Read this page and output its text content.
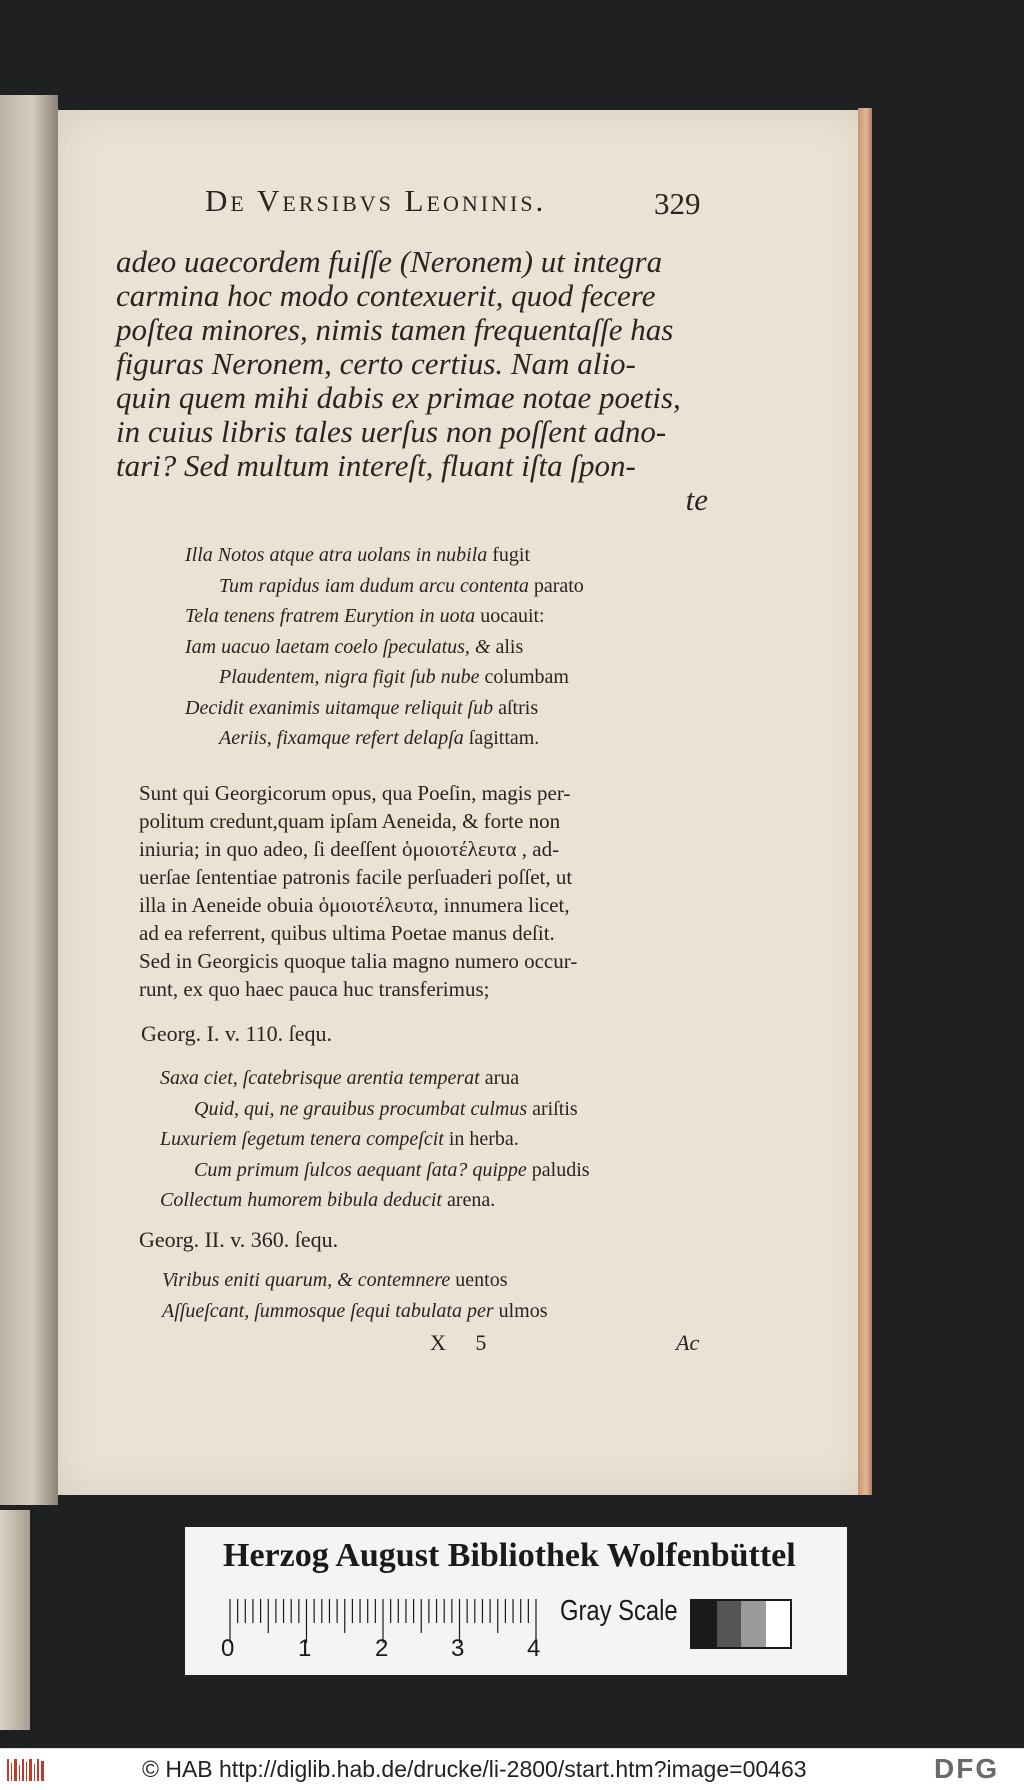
De Versibvs Leoninis.	329
adeo uaecordem fuiſſe (Neronem) ut integra
carmina hoc modo contexuerit, quod fecere
poſtea minores, nimis tamen frequentaſſe has
figuras Neronem, certo certius. Nam alio-
quin quem mihi dabis ex primae notae poetis,
in cuius libris tales uerſus non poſſent adno-
tari? Sed multum intereſt, fluant iſta ſpon-
te
Illa Notos atque atra uolans in nubila fugit
Tum rapidus iam dudum arcu contenta parato
Tela tenens fratrem Eurytion in uota uocauit:
Iam uacuo laetam coelo ſpeculatus, & alis
Plaudentem, nigra figit ſub nube columbam
Decidit exanimis uitamque reliquit ſub aſtris
Aeriis, fixamque refert delapſa ſagittam.
Sunt qui Georgicorum opus, qua Poeſin, magis per-
politum credunt,quam ipſam Aeneida, & forte non
iniuria; in quo adeo, ſi deeſſent ὁμοιοτέλευτα , ad-
uerſae ſententiae patronis facile perſuaderi poſſet, ut
illa in Aeneide obuia ὁμοιοτέλευτα, innumera licet,
ad ea referrent, quibus ultima Poetae manus deſit.
Sed in Georgicis quoque talia magno numero occur-
runt, ex quo haec pauca huc transferimus;
Georg. I. v. 110. ſequ.
Saxa ciet, ſcatebrisque arentia temperat arua
Quid, qui, ne grauibus procumbat culmus ariſtis
Luxuriem ſegetum tenera compeſcit in herba.
Cum primum ſulcos aequant ſata? quippe paludis
Collectum humorem bibula deducit arena.
Georg. II. v. 360. ſequ.
Viribus eniti quarum, & contemnere uentos
Aſſueſcant, ſummosque ſequi tabulata per ulmos
X 5	Ac
Herzog August Bibliothek Wolfenbüttel
0	1	2	3	4
Gray Scale
© HAB http://diglib.hab.de/drucke/li-2800/start.htm?image=00463	DFG
